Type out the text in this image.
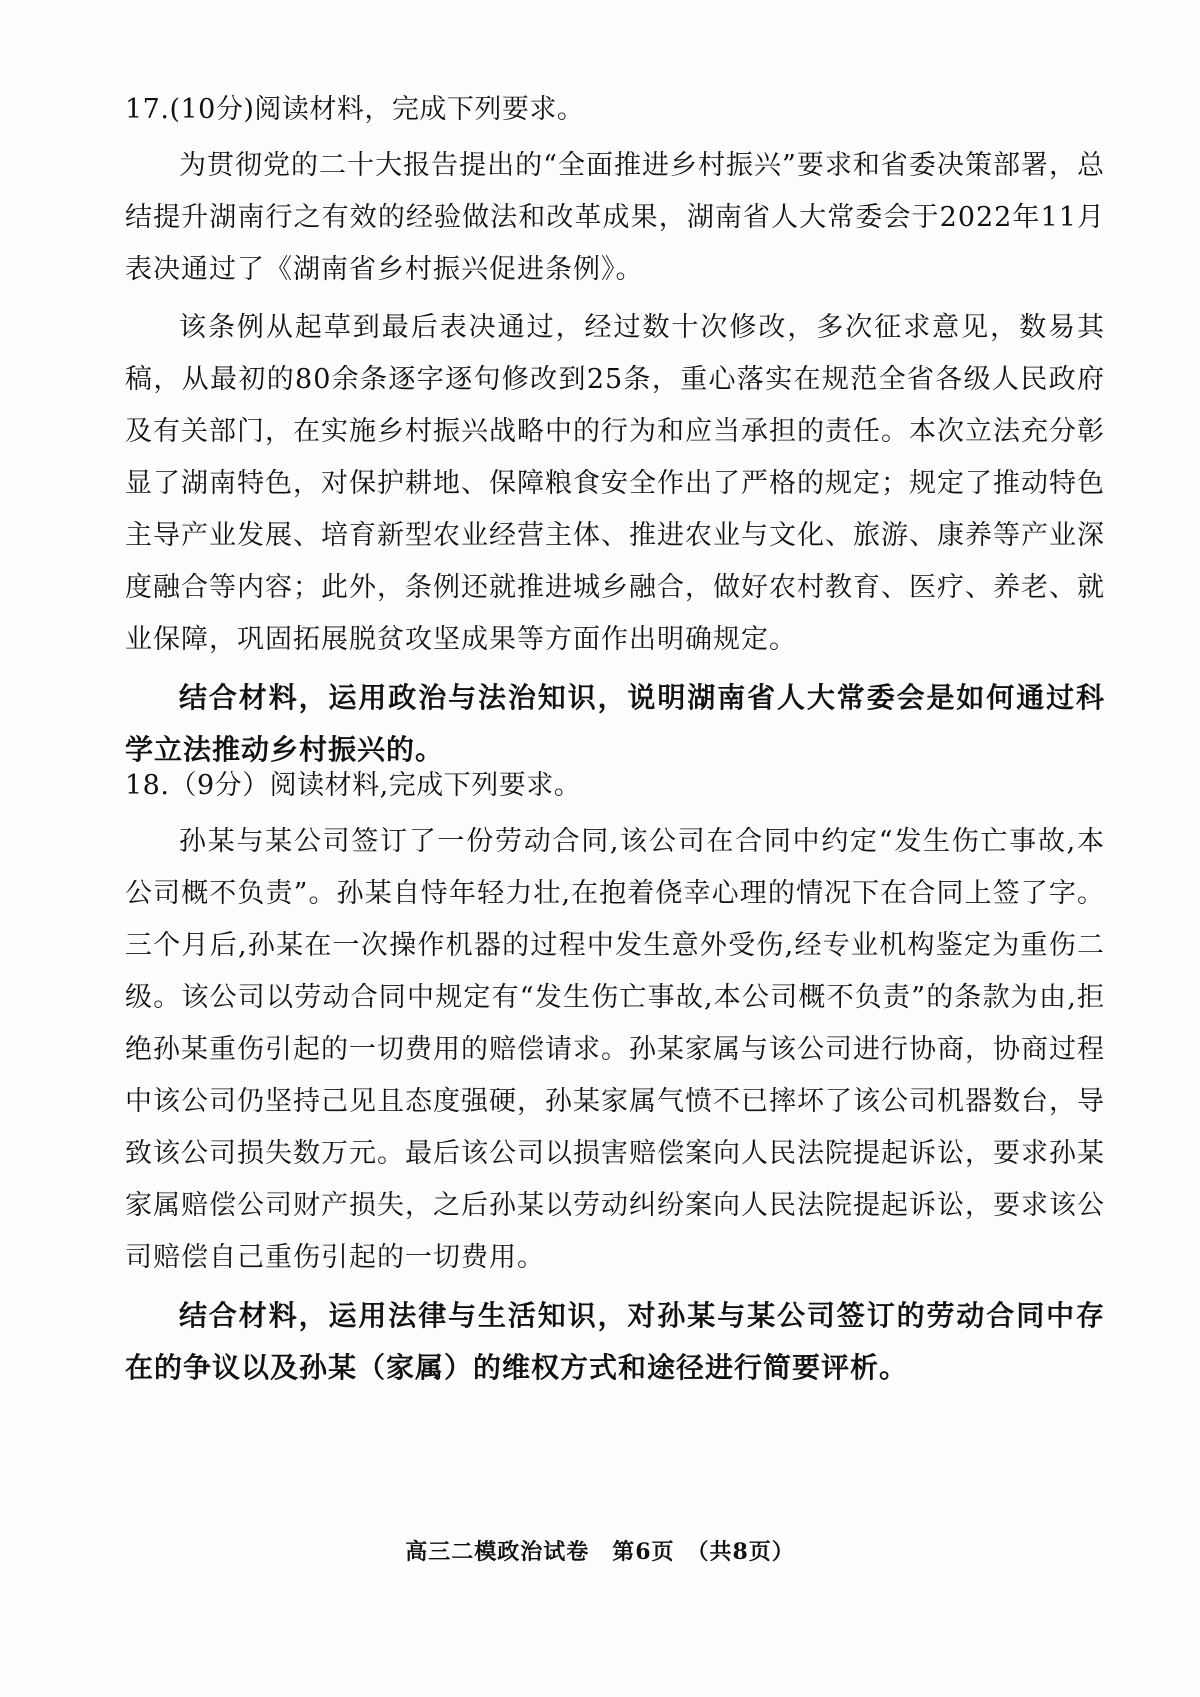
17.(10分)阅读材料，完成下列要求。

为贯彻党的二十大报告提出的“全面推进乡村振兴”要求和省委决策部署，总结提升湖南行之有效的经验做法和改革成果，湖南省人大常委会于2022年11月表决通过了《湖南省乡村振兴促进条例》。

该条例从起草到最后表决通过，经过数十次修改，多次征求意见，数易其稿，从最初的80余条逐字逐句修改到25条，重心落实在规范全省各级人民政府及有关部门，在实施乡村振兴战略中的行为和应当承担的责任。本次立法充分彰显了湖南特色，对保护耕地、保障粮食安全作出了严格的规定；规定了推动特色主导产业发展、培育新型农业经营主体、推进农业与文化、旅游、康养等产业深度融合等内容；此外，条例还就推进城乡融合，做好农村教育、医疗、养老、就业保障，巩固拓展脱贫攻坚成果等方面作出明确规定。

结合材料，运用政治与法治知识，说明湖南省人大常委会是如何通过科学立法推动乡村振兴的。

18.（9分）阅读材料,完成下列要求。

孙某与某公司签订了一份劳动合同,该公司在合同中约定“发生伤亡事故,本公司概不负责”。孙某自恃年轻力壮,在抱着侥幸心理的情况下在合同上签了字。三个月后,孙某在一次操作机器的过程中发生意外受伤,经专业机构鉴定为重伤二级。该公司以劳动合同中规定有“发生伤亡事故,本公司概不负责”的条款为由,拒绝孙某重伤引起的一切费用的赔偿请求。孙某家属与该公司进行协商，协商过程中该公司仍坚持己见且态度强硬，孙某家属气愤不已摔坏了该公司机器数台，导致该公司损失数万元。最后该公司以损害赔偿案向人民法院提起诉讼，要求孙某家属赔偿公司财产损失，之后孙某以劳动纠纷案向人民法院提起诉讼，要求该公司赔偿自己重伤引起的一切费用。

结合材料，运用法律与生活知识，对孙某与某公司签订的劳动合同中存在的争议以及孙某（家属）的维权方式和途径进行简要评析。

高三二模政治试卷　第6页　（共8页）
